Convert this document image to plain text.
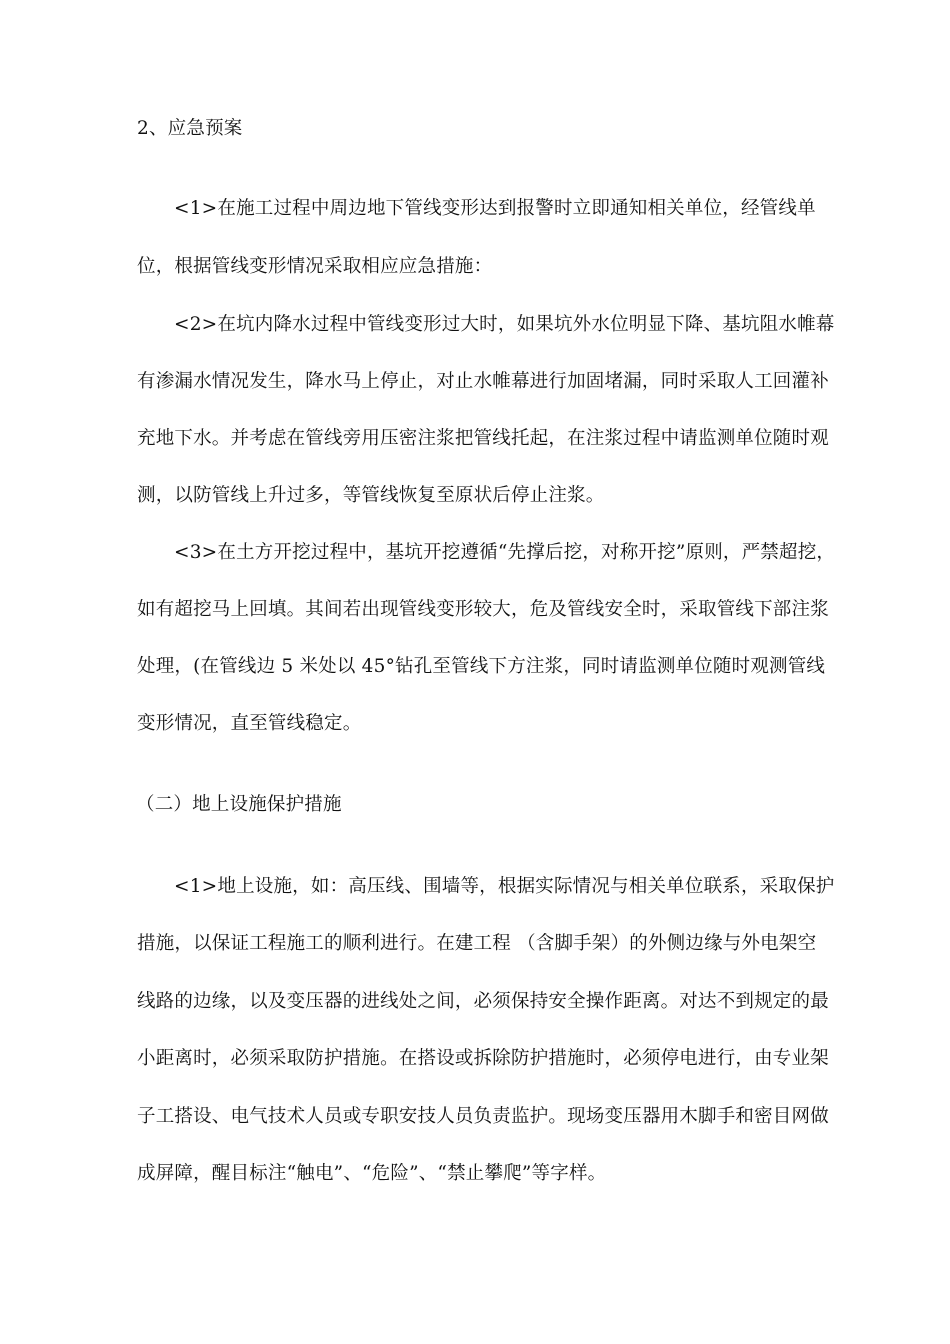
2、应急预案
<1>在施工过程中周边地下管线变形达到报警时立即通知相关单位，经管线单
位，根据管线变形情况采取相应应急措施：
<2>在坑内降水过程中管线变形过大时，如果坑外水位明显下降、基坑阻水帷幕
有渗漏水情况发生，降水马上停止，对止水帷幕进行加固堵漏，同时采取人工回灌补
充地下水。并考虑在管线旁用压密注浆把管线托起，在注浆过程中请监测单位随时观
测，以防管线上升过多，等管线恢复至原状后停止注浆。
<3>在土方开挖过程中，基坑开挖遵循“先撑后挖，对称开挖”原则，严禁超挖，
如有超挖马上回填。其间若出现管线变形较大，危及管线安全时，采取管线下部注浆
处理，(在管线边 5 米处以 45°钻孔至管线下方注浆，同时请监测单位随时观测管线
变形情况，直至管线稳定。
（二）地上设施保护措施
<1>地上设施，如：高压线、围墙等，根据实际情况与相关单位联系，采取保护
措施，以保证工程施工的顺利进行。在建工程 （含脚手架）的外侧边缘与外电架空
线路的边缘，以及变压器的进线处之间，必须保持安全操作距离。对达不到规定的最
小距离时，必须采取防护措施。在搭设或拆除防护措施时，必须停电进行，由专业架
子工搭设、电气技术人员或专职安技人员负责监护。现场变压器用木脚手和密目网做
成屏障，醒目标注“触电”、“危险”、“禁止攀爬”等字样。
